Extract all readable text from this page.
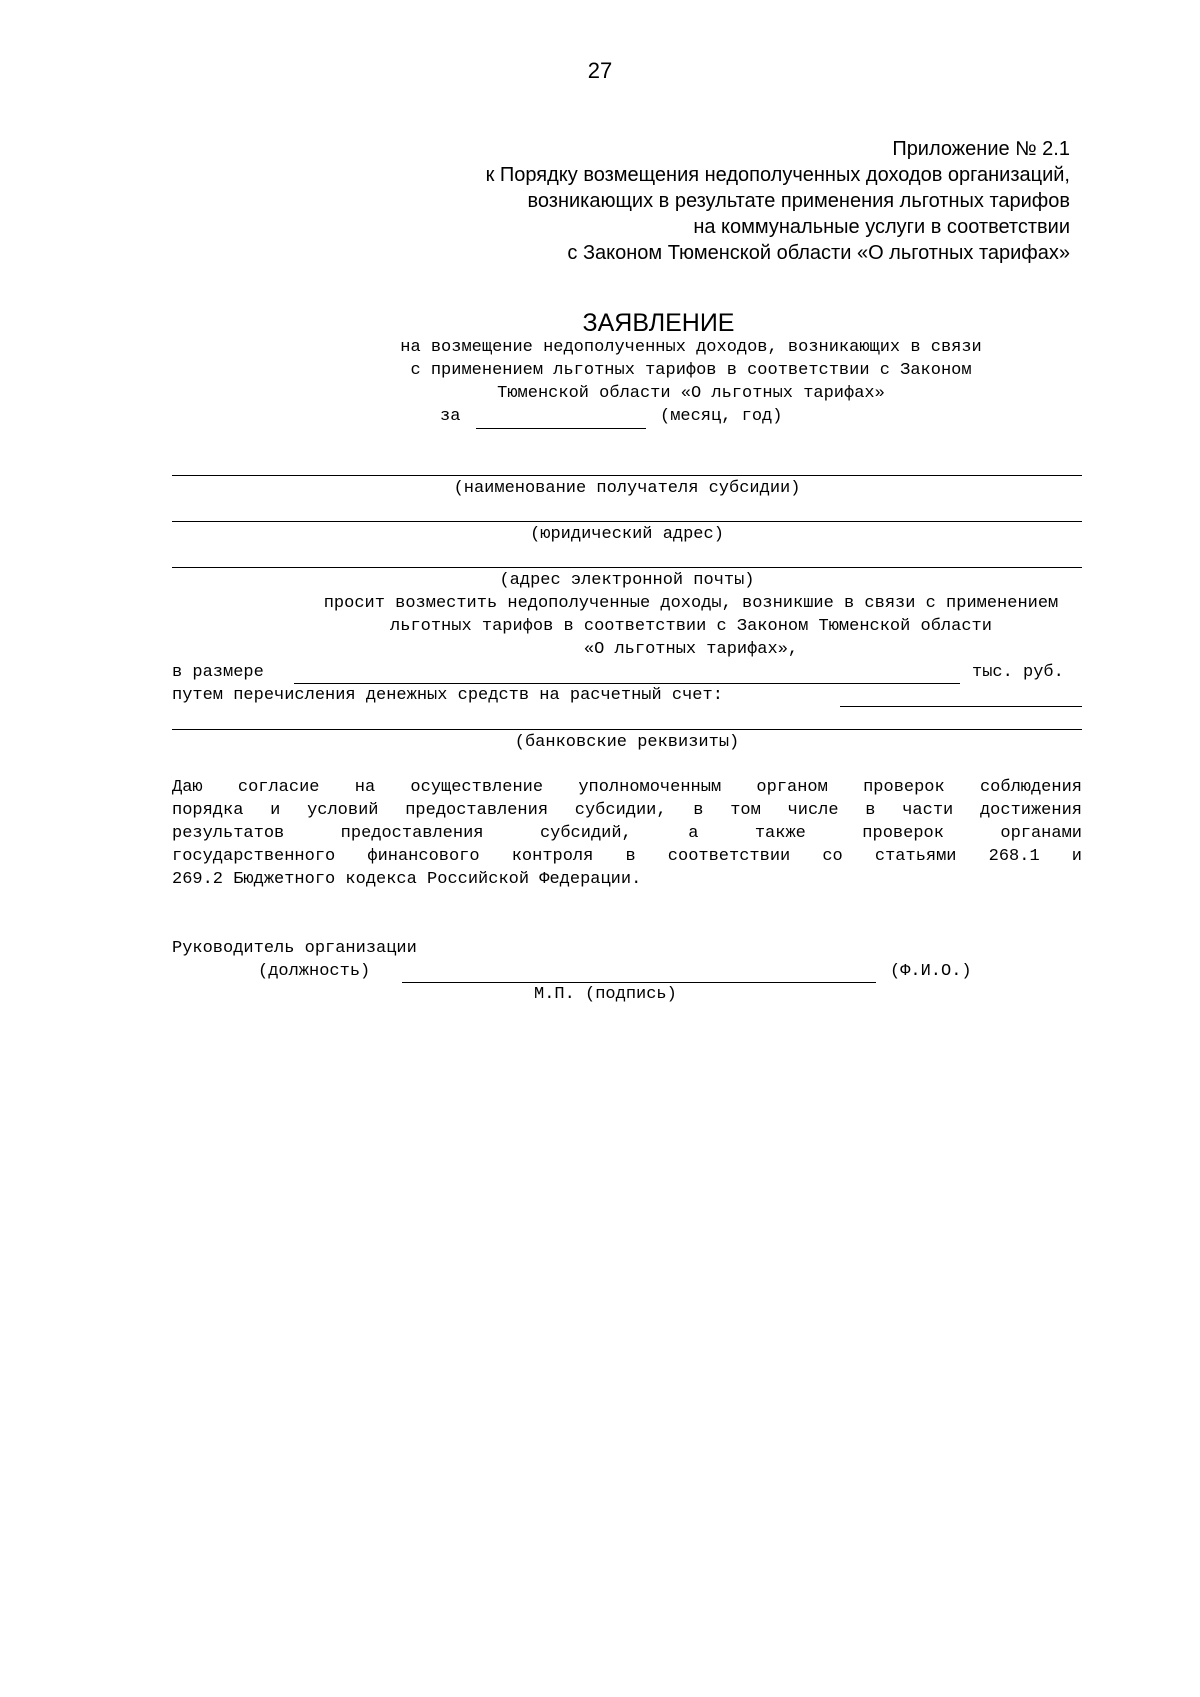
27
Приложение № 2.1
к Порядку возмещения недополученных доходов организаций,
возникающих в результате применения льготных тарифов
на коммунальные услуги в соответствии
с Законом Тюменской области «О льготных тарифах»
ЗАЯВЛЕНИЕ
на возмещение недополученных доходов, возникающих в связи
с применением льготных тарифов в соответствии с Законом
Тюменской области «О льготных тарифах»
за	(месяц, год)
(наименование получателя субсидии)
(юридический адрес)
(адрес электронной почты)
просит возместить недополученные доходы, возникшие в связи с применением
льготных тарифов в соответствии с Законом Тюменской области
«О льготных тарифах»,
в размере	тыс. руб.
путем перечисления денежных средств на расчетный счет:
(банковские реквизиты)
Даю согласие на осуществление уполномоченным органом проверок соблюдения
порядка и условий предоставления субсидии, в том числе в части достижения
результатов предоставления субсидий, а также проверок органами
государственного финансового контроля в соответствии со статьями 268.1 и
269.2 Бюджетного кодекса Российской Федерации.
Руководитель организации
(должность)	(Ф.И.О.)
М.П. (подпись)
